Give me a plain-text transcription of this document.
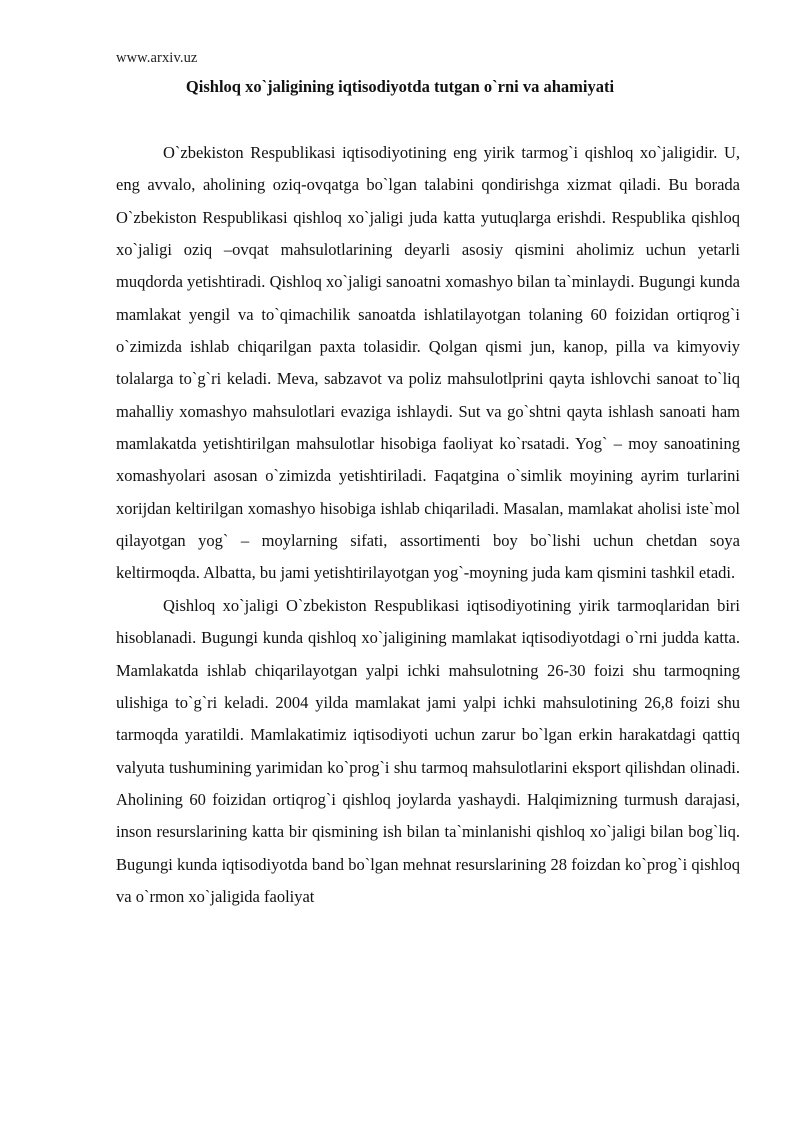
www.arxiv.uz
Qishloq xo`jaligining iqtisodiyotda tutgan o`rni va ahamiyati

O`zbekiston Respublikasi iqtisodiyotining eng yirik tarmog`i qishloq xo`jaligidir. U, eng avvalo, aholining oziq-ovqatga bo`lgan talabini qondirishga xizmat qiladi. Bu borada O`zbekiston Respublikasi qishloq xo`jaligi juda katta yutuqlarga erishdi. Respublika qishloq xo`jaligi oziq –ovqat mahsulotlarining deyarli asosiy qismini aholimiz uchun yetarli muqdorda yetishtiradi. Qishloq xo`jaligi sanoatni xomashyo bilan ta`minlaydi. Bugungi kunda mamlakat yengil va to`qimachilik sanoatda ishlatilayotgan tolaning 60 foizidan ortiqrog`i o`zimizda ishlab chiqarilgan paxta tolasidir. Qolgan qismi jun, kanop, pilla va kimyoviy tolalarga to`g`ri keladi. Meva, sabzavot va poliz mahsulotlprini qayta ishlovchi sanoat to`liq mahalliy xomashyo mahsulotlari evaziga ishlaydi. Sut va go`shtni qayta ishlash sanoati ham mamlakatda yetishtirilgan mahsulotlar hisobiga faoliyat ko`rsatadi. Yog` – moy sanoatining xomashyolari asosan o`zimizda yetishtiriladi. Faqatgina o`simlik moyining ayrim turlarini xorijdan keltirilgan xomashyo hisobiga ishlab chiqariladi. Masalan, mamlakat aholisi iste`mol qilayotgan yog` – moylarning sifati, assortimenti boy bo`lishi uchun chetdan soya keltirmoqda. Albatta, bu jami yetishtirilayotgan yog`-moyning juda kam qismini tashkil etadi.

Qishloq xo`jaligi O`zbekiston Respublikasi iqtisodiyotining yirik tarmoqlaridan biri hisoblanadi. Bugungi kunda qishloq xo`jaligining mamlakat iqtisodiyotdagi o`rni judda katta. Mamlakatda ishlab chiqarilayotgan yalpi ichki mahsulotning 26-30 foizi shu tarmoqning ulishiga to`g`ri keladi. 2004 yilda mamlakat jami yalpi ichki mahsulotining 26,8 foizi shu tarmoqda yaratildi. Mamlakatimiz iqtisodiyoti uchun zarur bo`lgan erkin harakatdagi qattiq valyuta tushumining yarimidan ko`prog`i shu tarmoq mahsulotlarini eksport qilishdan olinadi. Aholining 60 foizidan ortiqrog`i qishloq joylarda yashaydi. Halqimizning turmush darajasi, inson resurslarining katta bir qismining ish bilan ta`minlanishi qishloq xo`jaligi bilan bog`liq. Bugungi kunda iqtisodiyotda band bo`lgan mehnat resurslarining 28 foizdan ko`prog`i qishloq va o`rmon xo`jaligida faoliyat
